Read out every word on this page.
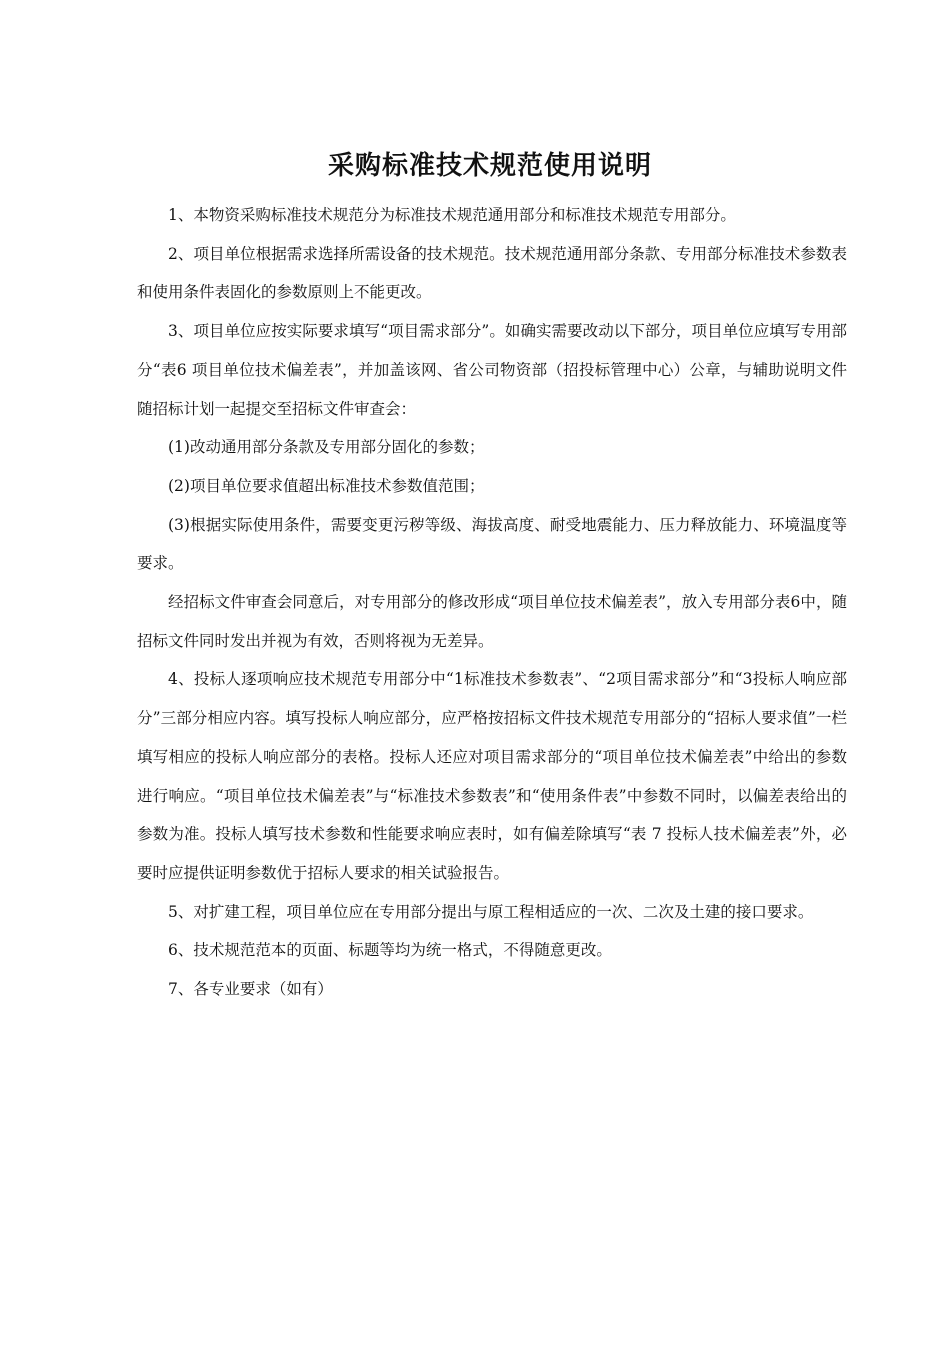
采购标准技术规范使用说明

1、本物资采购标准技术规范分为标准技术规范通用部分和标准技术规范专用部分。

2、项目单位根据需求选择所需设备的技术规范。技术规范通用部分条款、专用部分标准技术参数表和使用条件表固化的参数原则上不能更改。

3、项目单位应按实际要求填写“项目需求部分”。如确实需要改动以下部分，项目单位应填写专用部分“表6 项目单位技术偏差表”，并加盖该网、省公司物资部（招投标管理中心）公章，与辅助说明文件随招标计划一起提交至招标文件审查会：

(1)改动通用部分条款及专用部分固化的参数；

(2)项目单位要求值超出标准技术参数值范围；

(3)根据实际使用条件，需要变更污秽等级、海拔高度、耐受地震能力、压力释放能力、环境温度等要求。

经招标文件审查会同意后，对专用部分的修改形成“项目单位技术偏差表”，放入专用部分表6中，随招标文件同时发出并视为有效，否则将视为无差异。

4、投标人逐项响应技术规范专用部分中“1标准技术参数表”、“2项目需求部分”和“3投标人响应部分”三部分相应内容。填写投标人响应部分，应严格按招标文件技术规范专用部分的“招标人要求值”一栏填写相应的投标人响应部分的表格。投标人还应对项目需求部分的“项目单位技术偏差表”中给出的参数进行响应。“项目单位技术偏差表”与“标准技术参数表”和“使用条件表”中参数不同时，以偏差表给出的参数为准。投标人填写技术参数和性能要求响应表时，如有偏差除填写“表 7 投标人技术偏差表”外，必要时应提供证明参数优于招标人要求的相关试验报告。

5、对扩建工程，项目单位应在专用部分提出与原工程相适应的一次、二次及土建的接口要求。

6、技术规范范本的页面、标题等均为统一格式，不得随意更改。

7、各专业要求（如有）
